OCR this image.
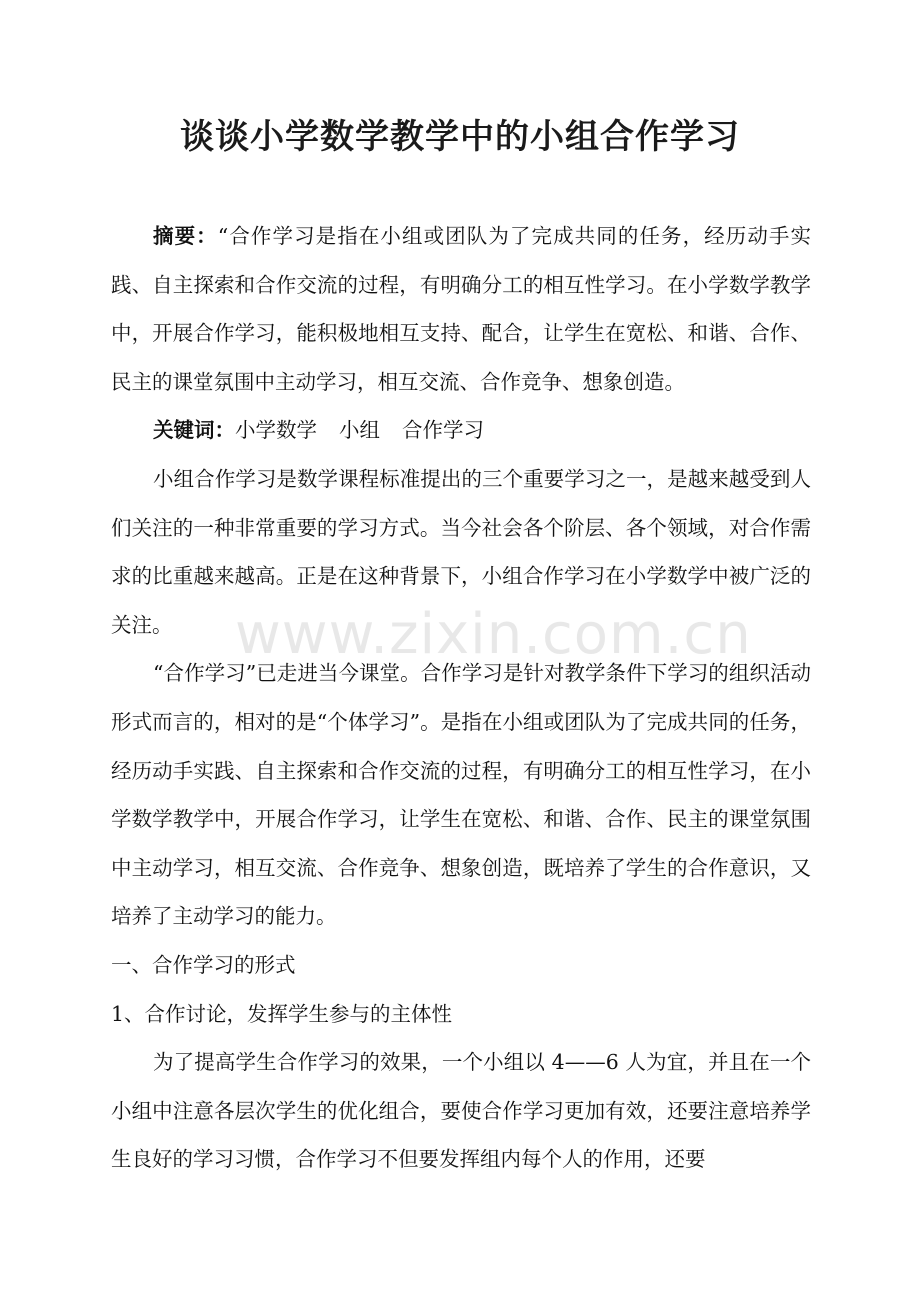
谈谈小学数学教学中的小组合作学习

摘要：“合作学习是指在小组或团队为了完成共同的任务，经历动手实践、自主探索和合作交流的过程，有明确分工的相互性学习。在小学数学教学中，开展合作学习，能积极地相互支持、配合，让学生在宽松、和谐、合作、民主的课堂氛围中主动学习，相互交流、合作竞争、想象创造。

关键词：小学数学 小组 合作学习

小组合作学习是数学课程标准提出的三个重要学习之一，是越来越受到人们关注的一种非常重要的学习方式。当今社会各个阶层、各个领域，对合作需求的比重越来越高。正是在这种背景下，小组合作学习在小学数学中被广泛的关注。

“合作学习”已走进当今课堂。合作学习是针对教学条件下学习的组织活动形式而言的，相对的是“个体学习”。是指在小组或团队为了完成共同的任务，经历动手实践、自主探索和合作交流的过程，有明确分工的相互性学习，在小学数学教学中，开展合作学习，让学生在宽松、和谐、合作、民主的课堂氛围中主动学习，相互交流、合作竞争、想象创造，既培养了学生的合作意识，又培养了主动学习的能力。

一、合作学习的形式

1、合作讨论，发挥学生参与的主体性

为了提高学生合作学习的效果，一个小组以 4——6 人为宜，并且在一个小组中注意各层次学生的优化组合，要使合作学习更加有效，还要注意培养学生良好的学习习惯，合作学习不但要发挥组内每个人的作用，还要

www.zixin.com.cn
